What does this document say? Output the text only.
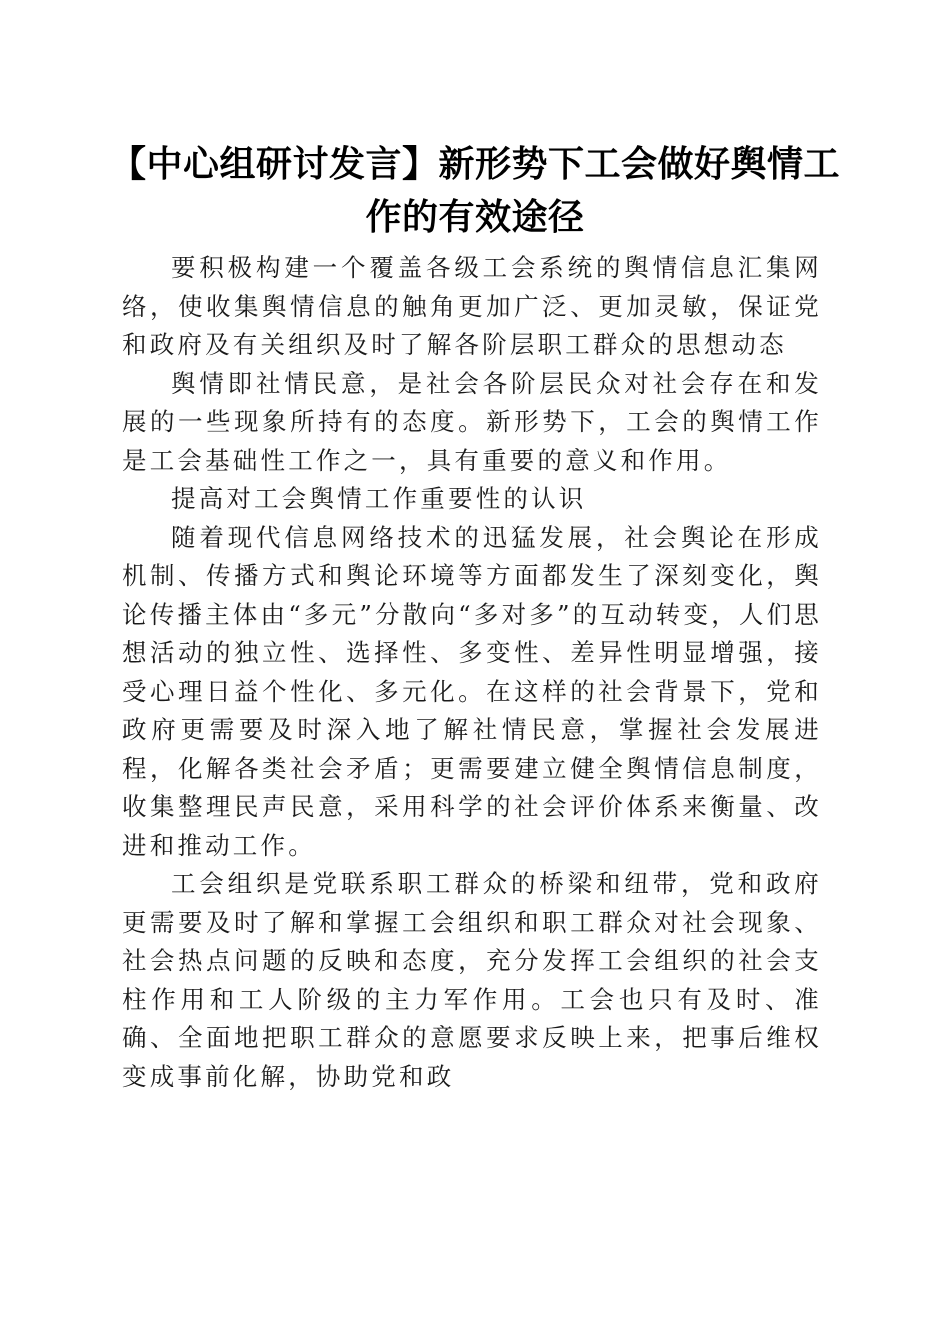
【中心组研讨发言】新形势下工会做好舆情工作的有效途径

要积极构建一个覆盖各级工会系统的舆情信息汇集网络，使收集舆情信息的触角更加广泛、更加灵敏，保证党和政府及有关组织及时了解各阶层职工群众的思想动态

舆情即社情民意，是社会各阶层民众对社会存在和发展的一些现象所持有的态度。新形势下，工会的舆情工作是工会基础性工作之一，具有重要的意义和作用。

提高对工会舆情工作重要性的认识

随着现代信息网络技术的迅猛发展，社会舆论在形成机制、传播方式和舆论环境等方面都发生了深刻变化，舆论传播主体由“多元”分散向“多对多”的互动转变，人们思想活动的独立性、选择性、多变性、差异性明显增强，接受心理日益个性化、多元化。在这样的社会背景下，党和政府更需要及时深入地了解社情民意，掌握社会发展进程，化解各类社会矛盾；更需要建立健全舆情信息制度，收集整理民声民意，采用科学的社会评价体系来衡量、改进和推动工作。

工会组织是党联系职工群众的桥梁和纽带，党和政府更需要及时了解和掌握工会组织和职工群众对社会现象、社会热点问题的反映和态度，充分发挥工会组织的社会支柱作用和工人阶级的主力军作用。工会也只有及时、准确、全面地把职工群众的意愿要求反映上来，把事后维权变成事前化解，协助党和政
